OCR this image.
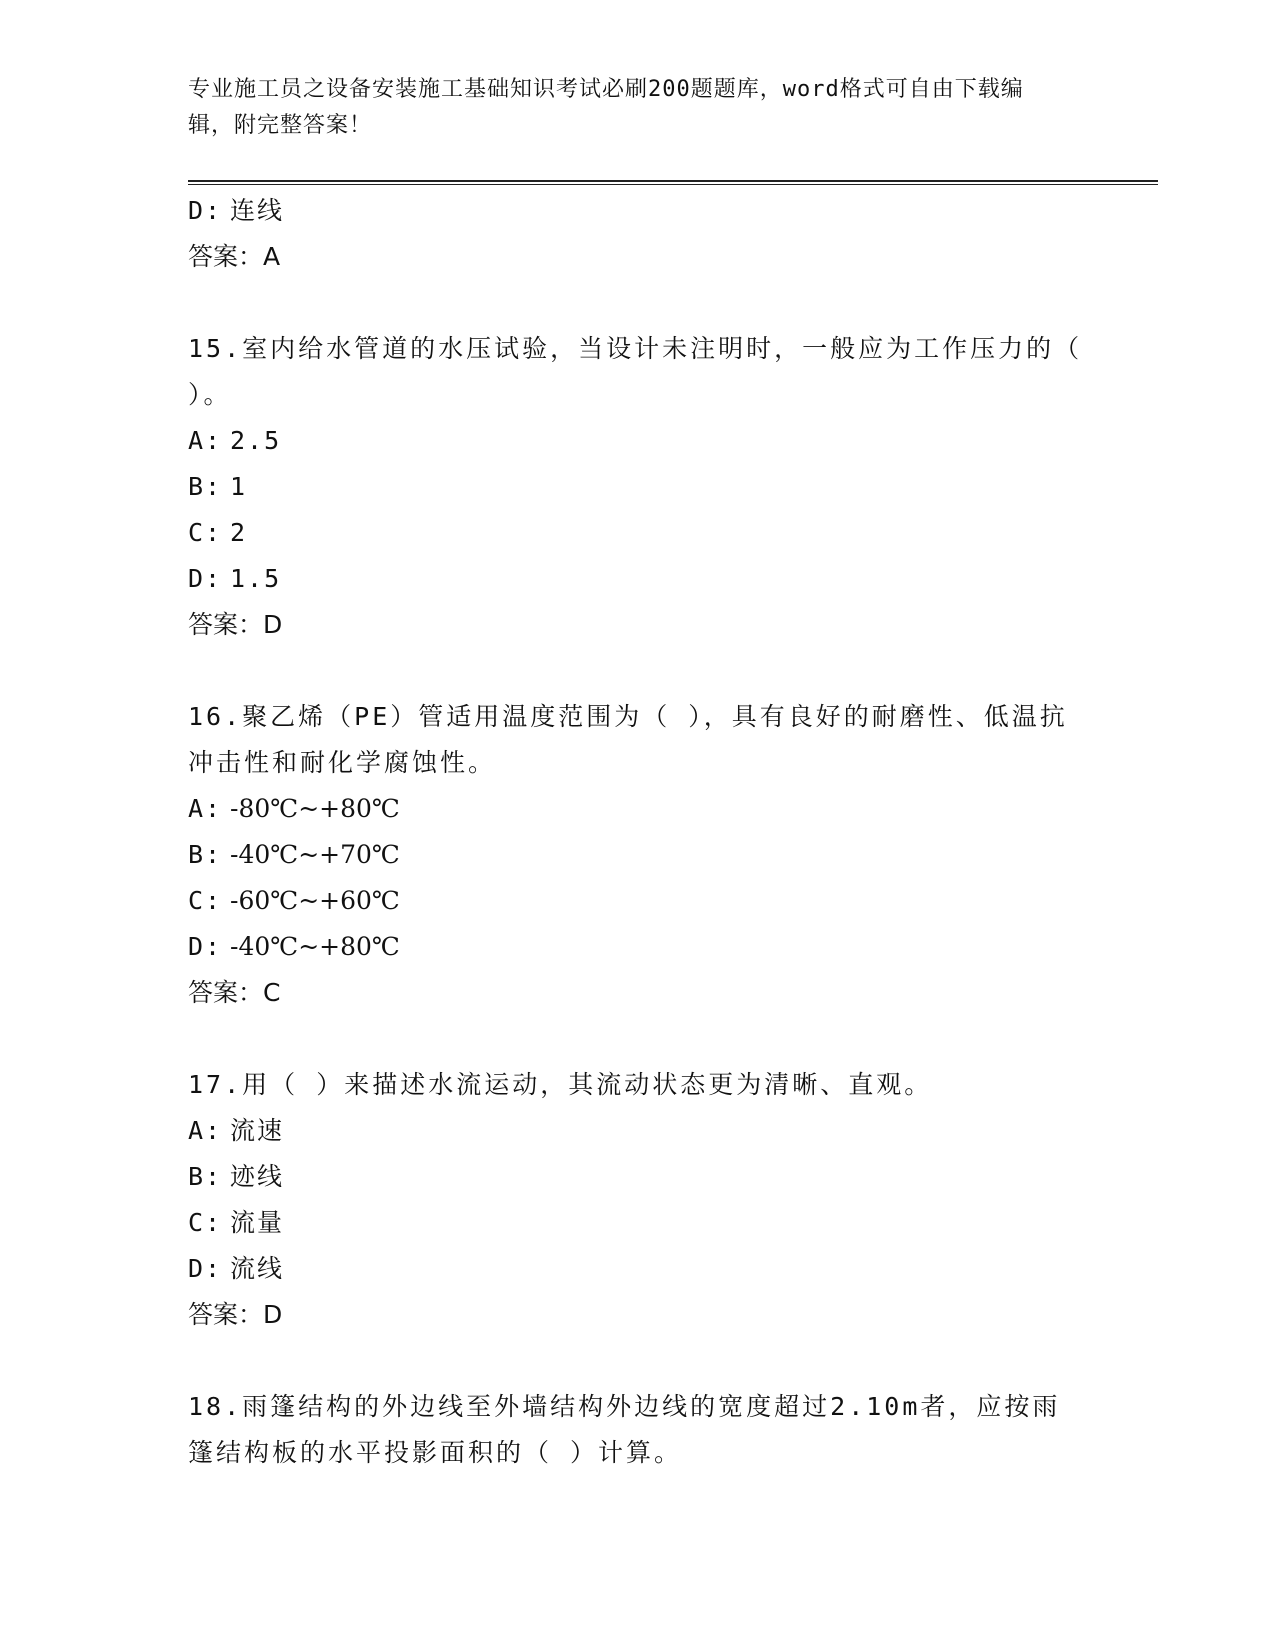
专业施工员之设备安装施工基础知识考试必刷200题题库，word格式可自由下载编辑，附完整答案！
D: 连线
答案：A
15.室内给水管道的水压试验，当设计未注明时，一般应为工作压力的（ ）。
A: 2.5
B: 1
C: 2
D: 1.5
答案：D
16.聚乙烯（PE）管适用温度范围为（ ），具有良好的耐磨性、低温抗冲击性和耐化学腐蚀性。
A: -80℃~+80℃
B: -40℃~+70℃
C: -60℃~+60℃
D: -40℃~+80℃
答案：C
17.用（ ）来描述水流运动，其流动状态更为清晰、直观。
A: 流速
B: 迹线
C: 流量
D: 流线
答案：D
18.雨篷结构的外边线至外墙结构外边线的宽度超过2.10m者，应按雨篷结构板的水平投影面积的（ ）计算。
